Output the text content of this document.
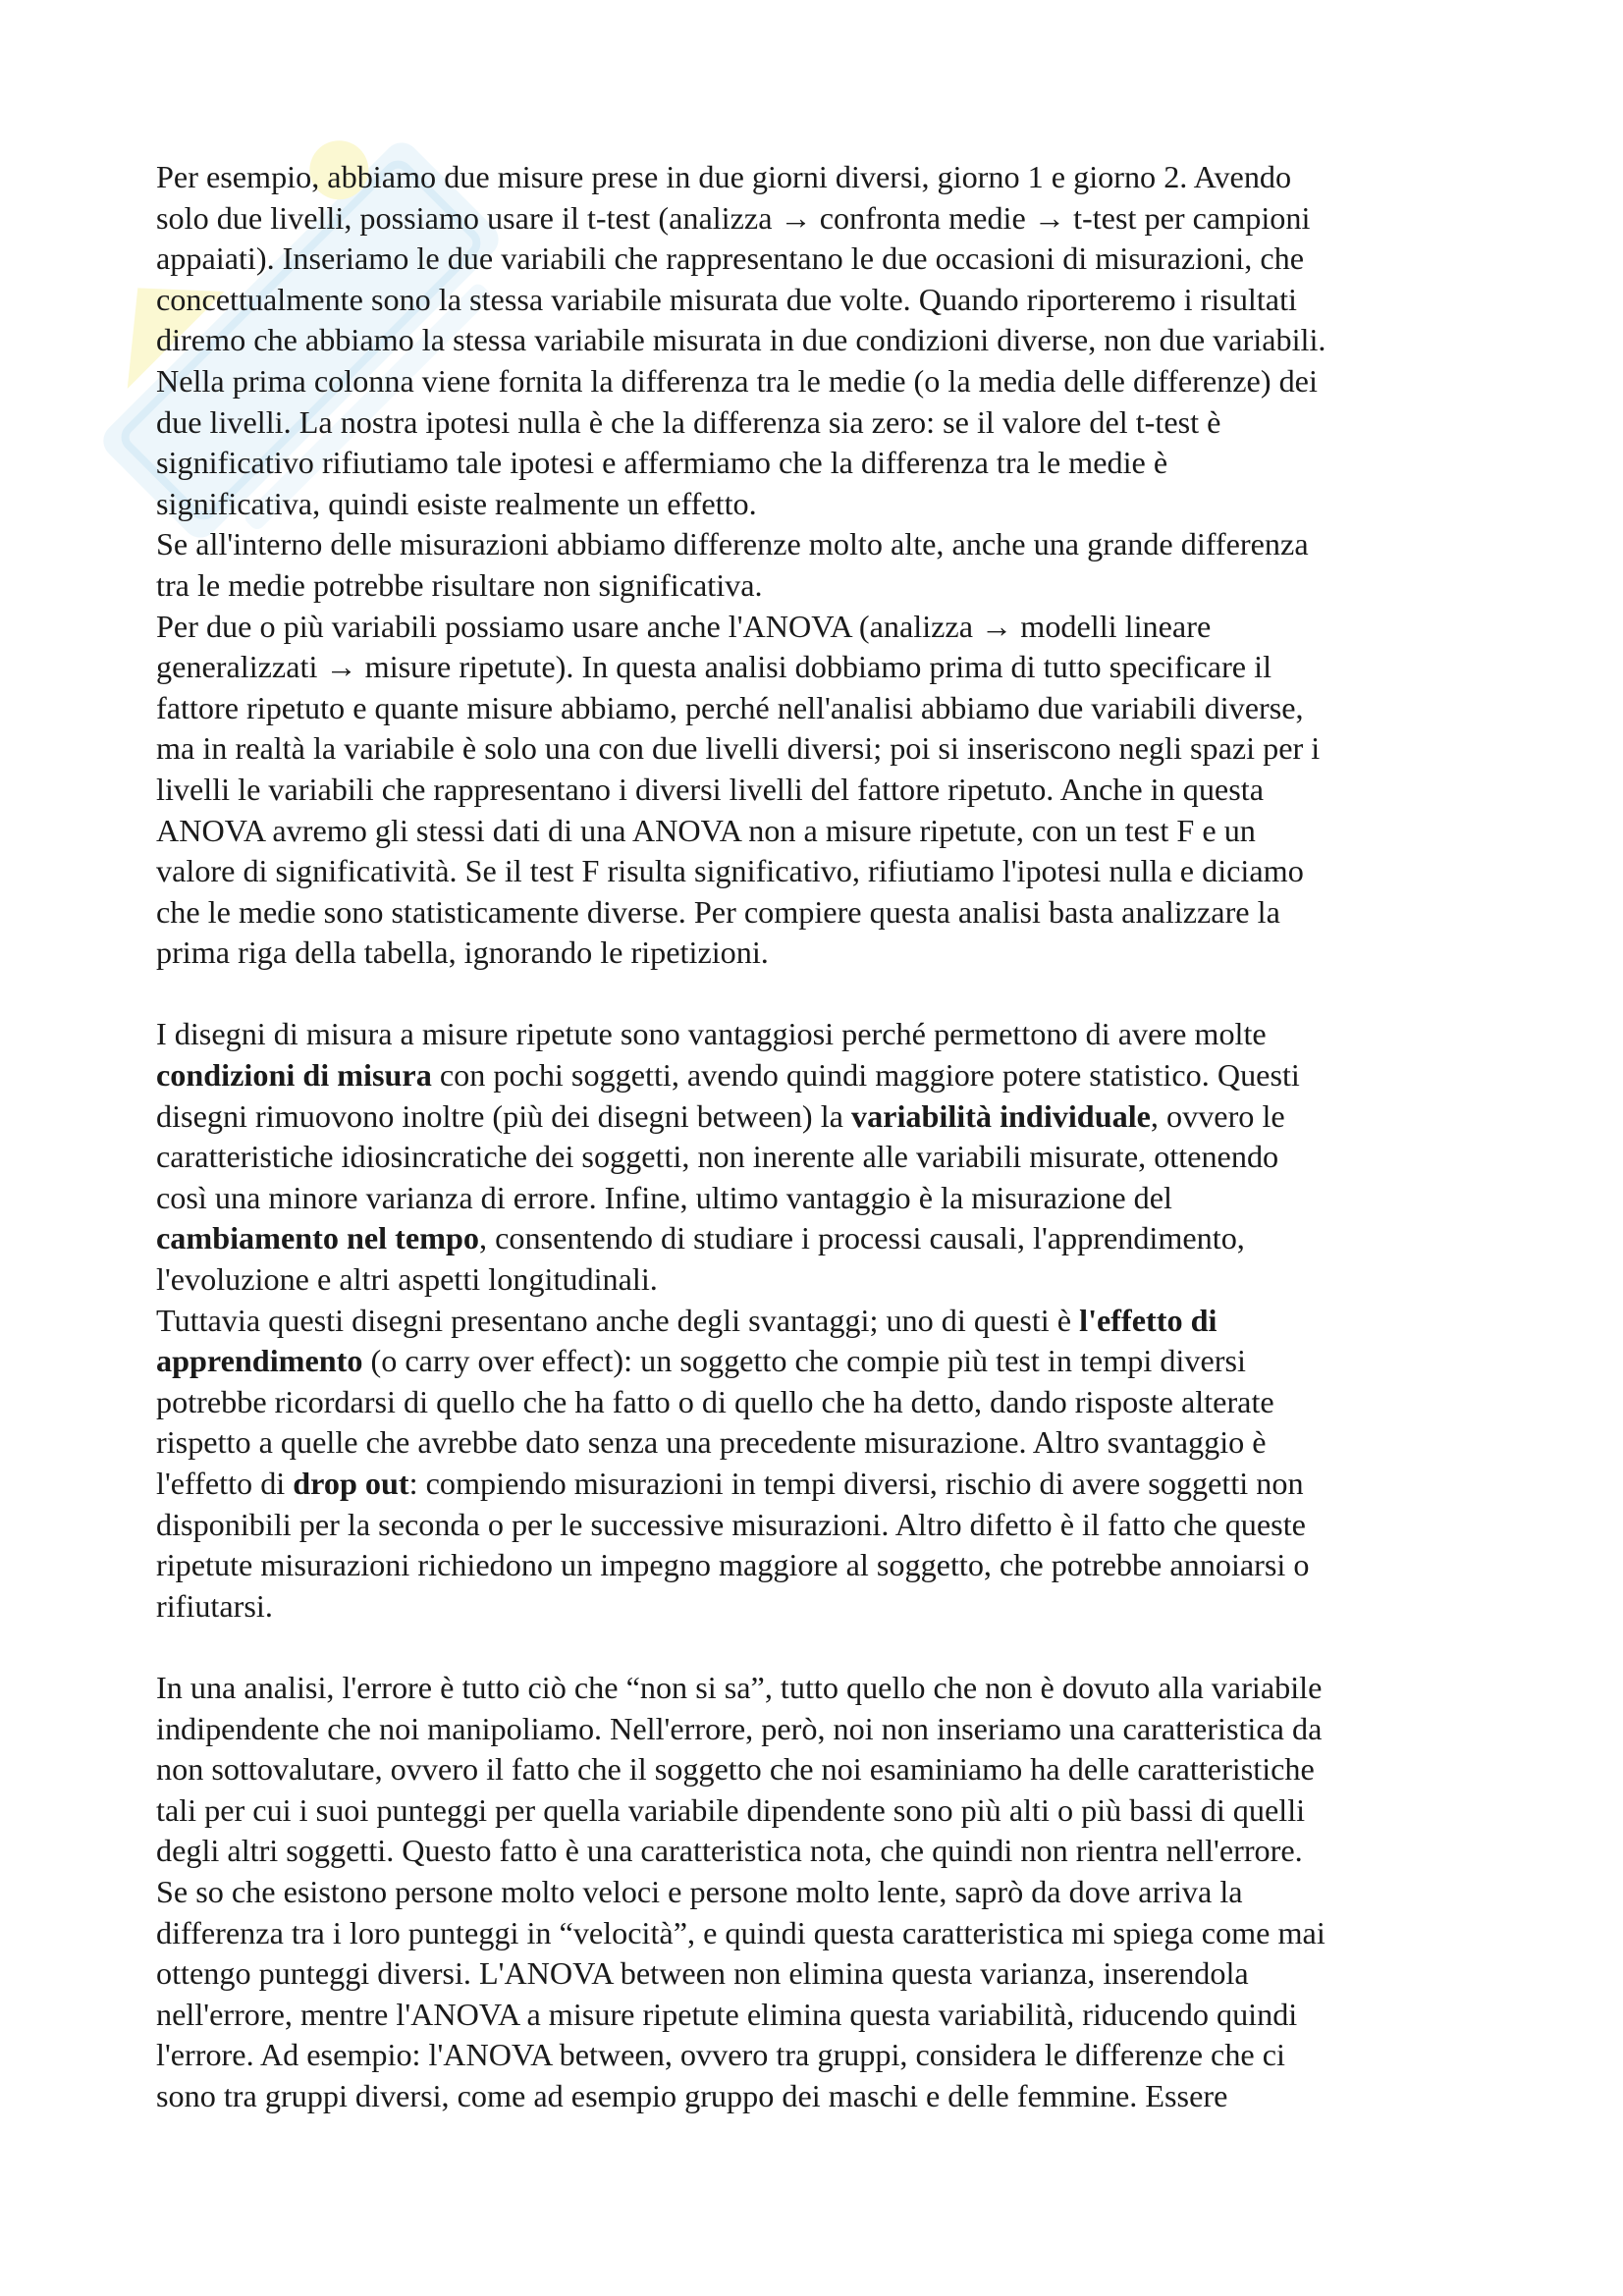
Per esempio, abbiamo due misure prese in due giorni diversi, giorno 1 e giorno 2. Avendo
solo due livelli, possiamo usare il t-test (analizza → confronta medie → t-test per campioni
appaiati). Inseriamo le due variabili che rappresentano le due occasioni di misurazioni, che
concettualmente sono la stessa variabile misurata due volte. Quando riporteremo i risultati
diremo che abbiamo la stessa variabile misurata in due condizioni diverse, non due variabili.
Nella prima colonna viene fornita la differenza tra le medie (o la media delle differenze) dei
due livelli. La nostra ipotesi nulla è che la differenza sia zero: se il valore del t-test è
significativo rifiutiamo tale ipotesi e affermiamo che la differenza tra le medie è
significativa, quindi esiste realmente un effetto.
Se all'interno delle misurazioni abbiamo differenze molto alte, anche una grande differenza
tra le medie potrebbe risultare non significativa.
Per due o più variabili possiamo usare anche l'ANOVA (analizza → modelli lineare
generalizzati → misure ripetute). In questa analisi dobbiamo prima di tutto specificare il
fattore ripetuto e quante misure abbiamo, perché nell'analisi abbiamo due variabili diverse,
ma in realtà la variabile è solo una con due livelli diversi; poi si inseriscono negli spazi per i
livelli le variabili che rappresentano i diversi livelli del fattore ripetuto. Anche in questa
ANOVA avremo gli stessi dati di una ANOVA non a misure ripetute, con un test F e un
valore di significatività. Se il test F risulta significativo, rifiutiamo l'ipotesi nulla e diciamo
che le medie sono statisticamente diverse. Per compiere questa analisi basta analizzare la
prima riga della tabella, ignorando le ripetizioni.
I disegni di misura a misure ripetute sono vantaggiosi perché permettono di avere molte
condizioni di misura con pochi soggetti, avendo quindi maggiore potere statistico. Questi
disegni rimuovono inoltre (più dei disegni between) la variabilità individuale, ovvero le
caratteristiche idiosincratiche dei soggetti, non inerente alle variabili misurate, ottenendo
così una minore varianza di errore. Infine, ultimo vantaggio è la misurazione del
cambiamento nel tempo, consentendo di studiare i processi causali, l'apprendimento,
l'evoluzione e altri aspetti longitudinali.
Tuttavia questi disegni presentano anche degli svantaggi; uno di questi è l'effetto di
apprendimento (o carry over effect): un soggetto che compie più test in tempi diversi
potrebbe ricordarsi di quello che ha fatto o di quello che ha detto, dando risposte alterate
rispetto a quelle che avrebbe dato senza una precedente misurazione. Altro svantaggio è
l'effetto di drop out: compiendo misurazioni in tempi diversi, rischio di avere soggetti non
disponibili per la seconda o per le successive misurazioni. Altro difetto è il fatto che queste
ripetute misurazioni richiedono un impegno maggiore al soggetto, che potrebbe annoiarsi o
rifiutarsi.
In una analisi, l'errore è tutto ciò che “non si sa”, tutto quello che non è dovuto alla variabile
indipendente che noi manipoliamo. Nell'errore, però, noi non inseriamo una caratteristica da
non sottovalutare, ovvero il fatto che il soggetto che noi esaminiamo ha delle caratteristiche
tali per cui i suoi punteggi per quella variabile dipendente sono più alti o più bassi di quelli
degli altri soggetti. Questo fatto è una caratteristica nota, che quindi non rientra nell'errore.
Se so che esistono persone molto veloci e persone molto lente, saprò da dove arriva la
differenza tra i loro punteggi in “velocità”, e quindi questa caratteristica mi spiega come mai
ottengo punteggi diversi. L'ANOVA between non elimina questa varianza, inserendola
nell'errore, mentre l'ANOVA a misure ripetute elimina questa variabilità, riducendo quindi
l'errore. Ad esempio: l'ANOVA between, ovvero tra gruppi, considera le differenze che ci
sono tra gruppi diversi, come ad esempio gruppo dei maschi e delle femmine. Essere
